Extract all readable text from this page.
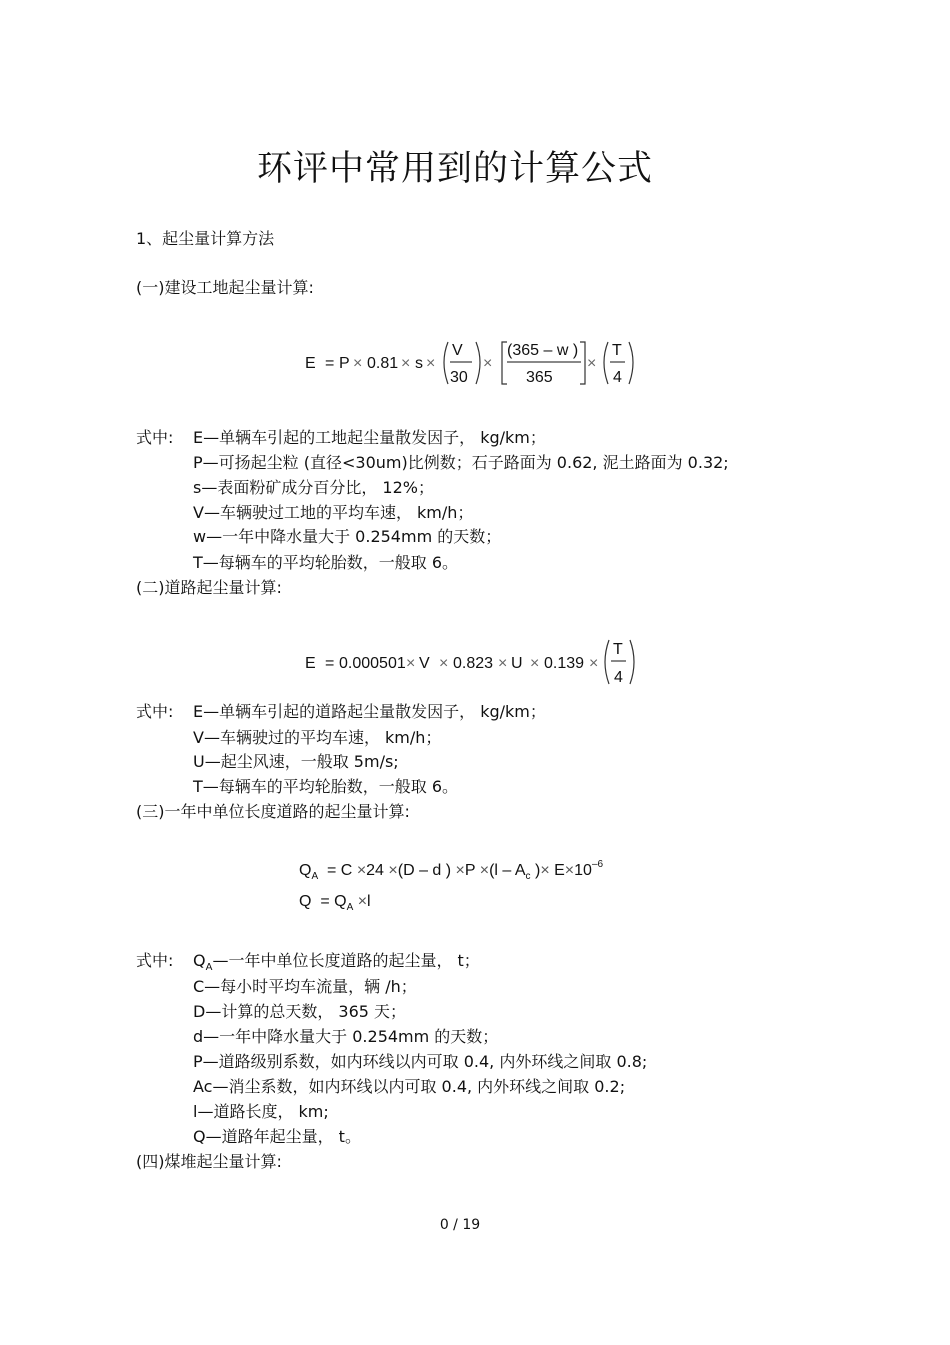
环评中常用到的计算公式
1、起尘量计算方法
(一)建设工地起尘量计算:
E = P × 0.81 × s ×
V
30
×
(365 – w )
365
×
T
4
式中: E—单辆车引起的工地起尘量散发因子， kg/km；
P—可扬起尘粒 (直径<30um)比例数；石子路面为 0.62, 泥土路面为 0.32;
s—表面粉矿成分百分比， 12%；
V—车辆驶过工地的平均车速， km/h；
w—一年中降水量大于 0.254mm 的天数；
T—每辆车的平均轮胎数，一般取 6。
(二)道路起尘量计算:
E = 0.000501 × V × 0.823 × U × 0.139 ×
T
4
式中: E—单辆车引起的道路起尘量散发因子， kg/km；
V—车辆驶过的平均车速， km/h；
U—起尘风速，一般取 5m/s;
T—每辆车的平均轮胎数，一般取 6。
(三)一年中单位长度道路的起尘量计算:
$Q_A = C \times 24 \times(D - d$ ) $\times P \times(l - A_c$ )× $E\times 10^{-6}$
$Q = Q_A \times l$
式中: $Q_A—$一年中单位长度道路的起尘量， t；
C—每小时平均车流量，辆 /h；
D—计算的总天数， 365 天；
d—一年中降水量大于 0.254mm 的天数；
P—道路级别系数，如内环线以内可取 0.4, 内外环线之间取 0.8;
Ac—消尘系数，如内环线以内可取 0.4, 内外环线之间取 0.2;
l—道路长度， km;
Q—道路年起尘量， t。
(四)煤堆起尘量计算:
0 / 19
